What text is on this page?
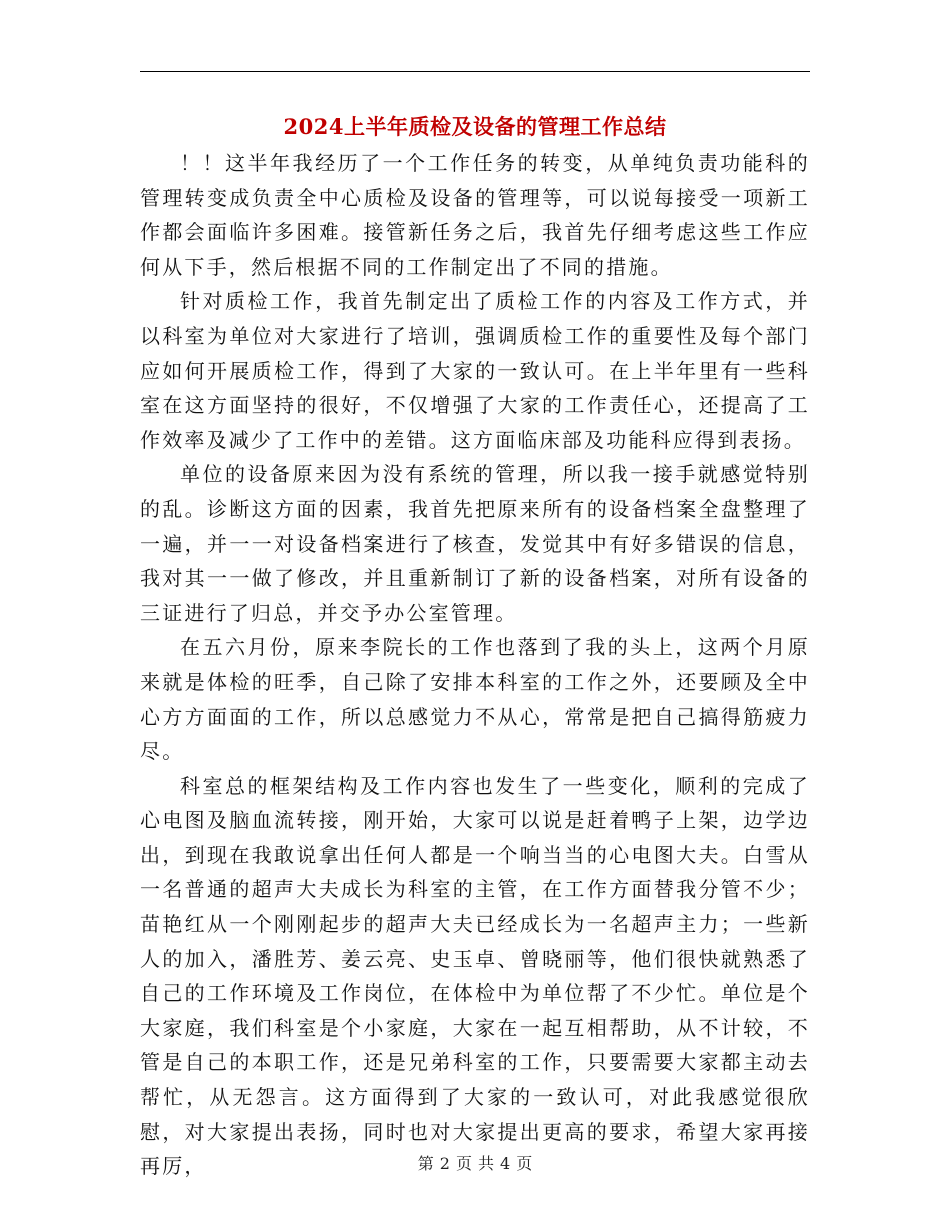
2024上半年质检及设备的管理工作总结

！！这半年我经历了一个工作任务的转变，从单纯负责功能科的管理转变成负责全中心质检及设备的管理等，可以说每接受一项新工作都会面临许多困难。接管新任务之后，我首先仔细考虑这些工作应何从下手，然后根据不同的工作制定出了不同的措施。

针对质检工作，我首先制定出了质检工作的内容及工作方式，并以科室为单位对大家进行了培训，强调质检工作的重要性及每个部门应如何开展质检工作，得到了大家的一致认可。在上半年里有一些科室在这方面坚持的很好，不仅增强了大家的工作责任心，还提高了工作效率及减少了工作中的差错。这方面临床部及功能科应得到表扬。

单位的设备原来因为没有系统的管理，所以我一接手就感觉特别的乱。诊断这方面的因素，我首先把原来所有的设备档案全盘整理了一遍，并一一对设备档案进行了核查，发觉其中有好多错误的信息，我对其一一做了修改，并且重新制订了新的设备档案，对所有设备的三证进行了归总，并交予办公室管理。

在五六月份，原来李院长的工作也落到了我的头上，这两个月原来就是体检的旺季，自己除了安排本科室的工作之外，还要顾及全中心方方面面的工作，所以总感觉力不从心，常常是把自己搞得筋疲力尽。

科室总的框架结构及工作内容也发生了一些变化，顺利的完成了心电图及脑血流转接，刚开始，大家可以说是赶着鸭子上架，边学边出，到现在我敢说拿出任何人都是一个响当当的心电图大夫。白雪从一名普通的超声大夫成长为科室的主管，在工作方面替我分管不少；苗艳红从一个刚刚起步的超声大夫已经成长为一名超声主力；一些新人的加入，潘胜芳、姜云亮、史玉卓、曾晓丽等，他们很快就熟悉了自己的工作环境及工作岗位，在体检中为单位帮了不少忙。单位是个大家庭，我们科室是个小家庭，大家在一起互相帮助，从不计较，不管是自己的本职工作，还是兄弟科室的工作，只要需要大家都主动去帮忙，从无怨言。这方面得到了大家的一致认可，对此我感觉很欣慰，对大家提出表扬，同时也对大家提出更高的要求，希望大家再接再厉，	第 2 页 共 4 页
